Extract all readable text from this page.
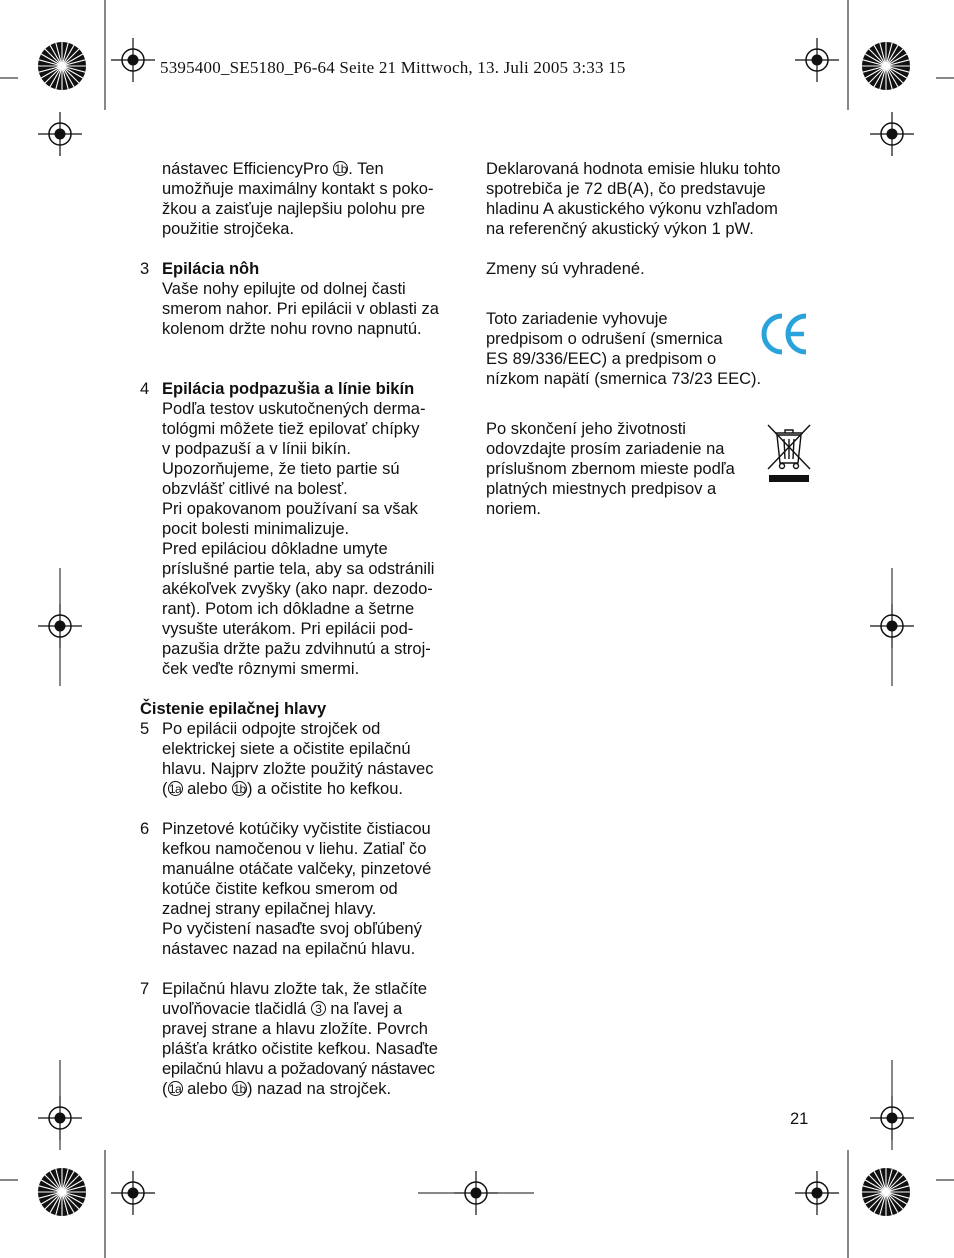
5395400_SE5180_P6-64 Seite 21 Mittwoch, 13. Juli 2005 3:33 15
nástavec EfficiencyPro 1b. Ten
umožňuje maximálny kontakt s poko-
žkou a zaisťuje najlepšiu polohu pre
použitie strojčeka.
3 Epilácia nôh
Vaše nohy epilujte od dolnej časti
smerom nahor. Pri epilácii v oblasti za
kolenom držte nohu rovno napnutú.
4 Epilácia podpazušia a línie bikín
Podľa testov uskutočnených derma-
tológmi môžete tiež epilovať chípky
v podpazuší a v línii bikín.
Upozorňujeme, že tieto partie sú
obzvlášť citlivé na bolesť.
Pri opakovanom používaní sa však
pocit bolesti minimalizuje.
Pred epiláciou dôkladne umyte
príslušné partie tela, aby sa odstránili
akékoľvek zvyšky (ako napr. dezodo-
rant). Potom ich dôkladne a šetrne
vysušte uterákom. Pri epilácii pod-
pazušia držte pažu zdvihnutú a stroj-
ček veďte rôznymi smermi.
Čistenie epilačnej hlavy
5 Po epilácii odpojte strojček od
elektrickej siete a očistite epilačnú
hlavu. Najprv zložte použitý nástavec
(1a alebo 1b) a očistite ho kefkou.
6 Pinzetové kotúčiky vyčistite čistiacou
kefkou namočenou v liehu. Zatiaľ čo
manuálne otáčate valčeky, pinzetové
kotúče čistite kefkou smerom od
zadnej strany epilačnej hlavy.
Po vyčistení nasaďte svoj obľúbený
nástavec nazad na epilačnú hlavu.
7 Epilačnú hlavu zložte tak, že stlačíte
uvoľňovacie tlačidlá 3 na ľavej a
pravej strane a hlavu zložíte. Povrch
plášťa krátko očistite kefkou. Nasaďte
epilačnú hlavu a požadovaný nástavec
(1a alebo 1b) nazad na strojček.
Deklarovaná hodnota emisie hluku tohto
spotrebiča je 72 dB(A), čo predstavuje
hladinu A akustického výkonu vzhľadom
na referenčný akustický výkon 1 pW.
Zmeny sú vyhradené.
Toto zariadenie vyhovuje
predpisom o odrušení (smernica
ES 89/336/EEC) a predpisom o
nízkom napätí (smernica 73/23 EEC).
Po skončení jeho životnosti
odovzdajte prosím zariadenie na
príslušnom zbernom mieste podľa
platných miestnych predpisov a
noriem.
21
